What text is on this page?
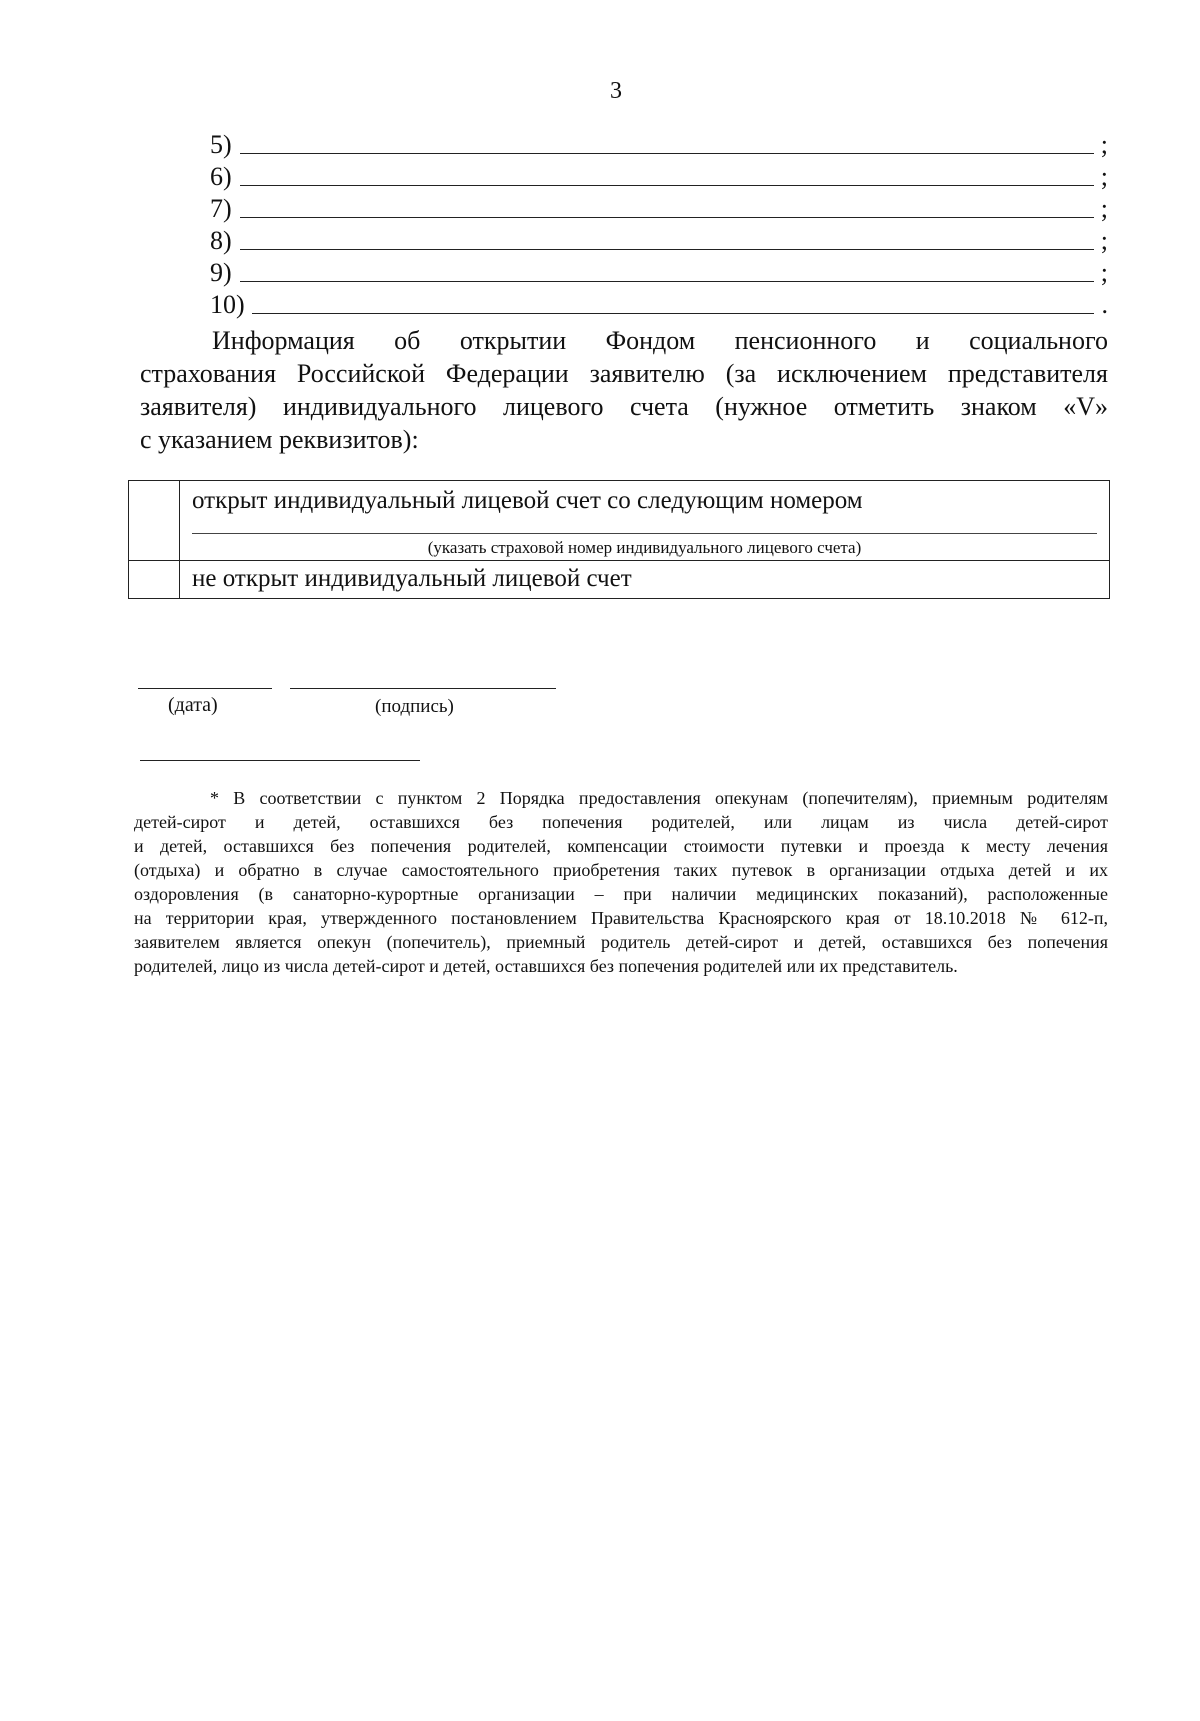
3
5)	;
6)	;
7)	;
8)	;
9)	;
10)	.
Информация об открытии Фондом пенсионного и социального
страхования Российской Федерации заявителю (за исключением представителя
заявителя) индивидуального лицевого счета (нужное отметить знаком «V»
с указанием реквизитов):

	открыт индивидуальный лицевой счет со следующим номером
(указать страховой номер индивидуального лицевого счета)

	не открыт индивидуальный лицевой счет
(дата)	(подпись)
* В соответствии с пунктом 2 Порядка предоставления опекунам (попечителям), приемным родителям
детей-сирот и детей, оставшихся без попечения родителей, или лицам из числа детей-сирот
и детей, оставшихся без попечения родителей, компенсации стоимости путевки и проезда к месту лечения
(отдыха) и обратно в случае самостоятельного приобретения таких путевок в организации отдыха детей и их
оздоровления (в санаторно-курортные организации – при наличии медицинских показаний), расположенные
на территории края, утвержденного постановлением Правительства Красноярского края от 18.10.2018 № 612-п,
заявителем является опекун (попечитель), приемный родитель детей-сирот и детей, оставшихся без попечения
родителей, лицо из числа детей-сирот и детей, оставшихся без попечения родителей или их представитель.
